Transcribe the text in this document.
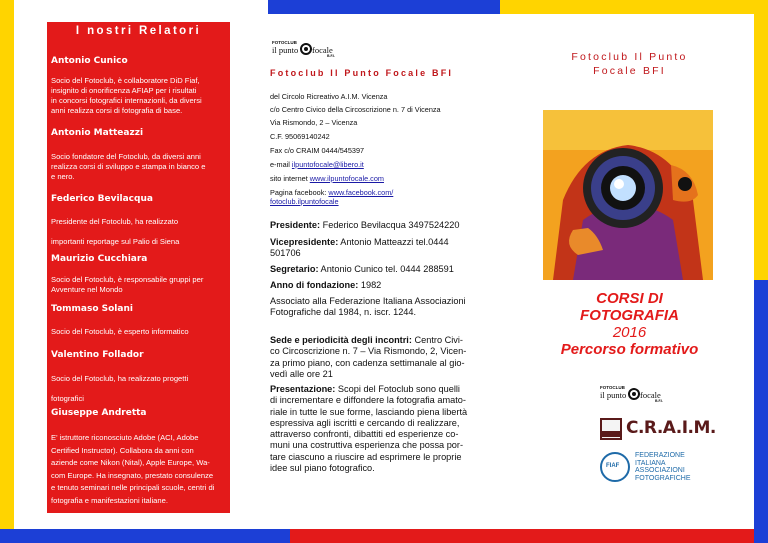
I nostri Relatori
Antonio Cunico
Socio del Fotoclub, è collaboratore DiD Fiaf,
insignito di onorificenza AFIAP per i risultati
in concorsi fotografici internazionli, da diversi
anni realizza corsi di fotografia di base.
Antonio Matteazzi
Socio fondatore del Fotoclub, da diversi anni
realizza corsi di sviluppo e stampa in bianco e
e nero.
Federico Bevilacqua
Presidente del Fotoclub, ha realizzato
importanti reportage sul Palio di Siena
Maurizio Cucchiara
Socio del Fotoclub, è responsabile gruppi per
Avventure nel Mondo
Tommaso Solani
Socio del Fotoclub, è esperto informatico
Valentino Follador
Socio del Fotoclub, ha realizzato progetti
fotografici
Giuseppe Andretta
E' istruttore riconosciuto Adobe (ACI, Adobe
Certified Instructor). Collabora da anni con
aziende come Nikon (Nital), Apple Europe, Wa-
com Europe. Ha insegnato, prestato consulenze
e tenuto seminari nelle principali scuole, centri di
fotografia e manifestazioni italiane.
FOTOCLUB
il punto focale
B.F.I.
Fotoclub Il Punto Focale BFI
del Circolo Ricreativo A.I.M. Vicenza
c/o Centro Civico della Circoscrizione n. 7 di Vicenza
Via Rismondo, 2 – Vicenza
C.F. 95069140242
Fax c/o CRAIM 0444/545397
e-mail ilpuntofocale@libero.it
sito internet www.ilpuntofocale.com
Pagina facebook: www.facebook.com/
fotoclub.ilpuntofocale
Presidente: Federico Bevilacqua 3497524220
Vicepresidente: Antonio Matteazzi tel.0444
501706
Segretario: Antonio Cunico tel. 0444 288591
Anno di fondazione: 1982
Associato alla Federazione Italiana Associazioni
Fotografiche dal 1984, n. iscr. 1244.
Sede e periodicità degli incontri: Centro Civi-
co Circoscrizione n. 7 – Via Rismondo, 2, Vicen-
za primo piano, con cadenza settimanale al gio-
vedì alle ore 21
Presentazione: Scopi del Fotoclub sono quelli
di incrementare e diffondere la fotografia amato-
riale in tutte le sue forme, lasciando piena libertà
espressiva agli iscritti e cercando di realizzare,
attraverso confronti, dibattiti ed esperienze co-
muni una costruttiva esperienza che possa por-
tare ciascuno a riuscire ad esprimere le proprie
idee sul piano fotografico.
Fotoclub Il Punto
Focale BFI
CORSI DI
FOTOGRAFIA
2016
Percorso formativo
FOTOCLUB
il punto focale
B.F.I.
C.R.A.I.M.
FIAF
FEDERAZIONE
ITALIANA
ASSOCIAZIONI
FOTOGRAFICHE
